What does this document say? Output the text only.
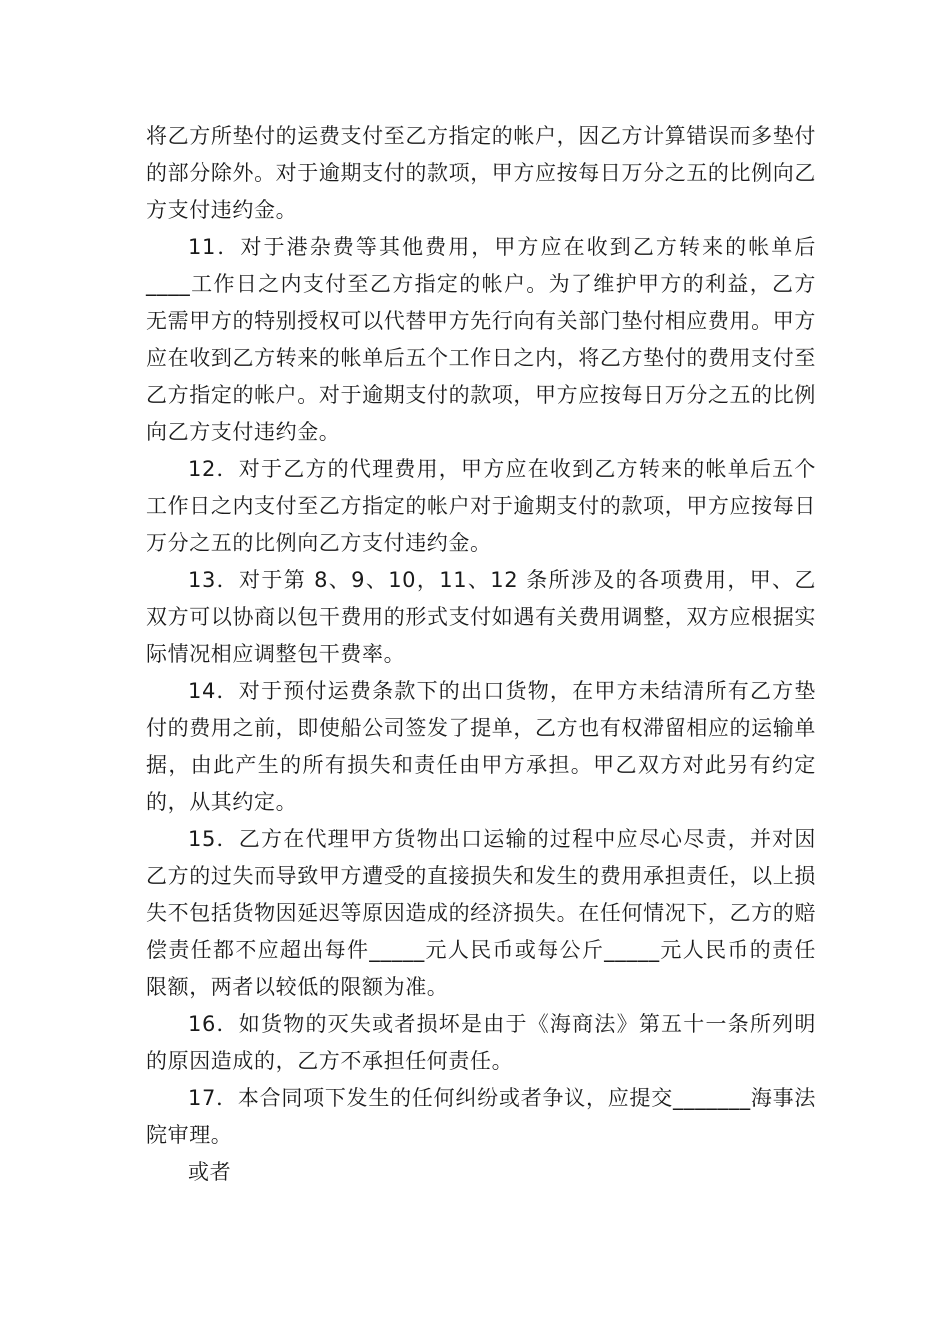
将乙方所垫付的运费支付至乙方指定的帐户，因乙方计算错误而多垫付的部分除外。对于逾期支付的款项，甲方应按每日万分之五的比例向乙方支付违约金。

11．对于港杂费等其他费用，甲方应在收到乙方转来的帐单后____工作日之内支付至乙方指定的帐户。为了维护甲方的利益，乙方无需甲方的特别授权可以代替甲方先行向有关部门垫付相应费用。甲方应在收到乙方转来的帐单后五个工作日之内，将乙方垫付的费用支付至乙方指定的帐户。对于逾期支付的款项，甲方应按每日万分之五的比例向乙方支付违约金。

12．对于乙方的代理费用，甲方应在收到乙方转来的帐单后五个工作日之内支付至乙方指定的帐户对于逾期支付的款项，甲方应按每日万分之五的比例向乙方支付违约金。

13．对于第 8、9、10，11、12 条所涉及的各项费用，甲、乙双方可以协商以包干费用的形式支付如遇有关费用调整，双方应根据实际情况相应调整包干费率。

14．对于预付运费条款下的出口货物，在甲方未结清所有乙方垫付的费用之前，即使船公司签发了提单，乙方也有权滞留相应的运输单据，由此产生的所有损失和责任由甲方承担。甲乙双方对此另有约定的，从其约定。

15．乙方在代理甲方货物出口运输的过程中应尽心尽责，并对因乙方的过失而导致甲方遭受的直接损失和发生的费用承担责任，以上损失不包括货物因延迟等原因造成的经济损失。在任何情况下，乙方的赔偿责任都不应超出每件_____元人民币或每公斤_____元人民币的责任限额，两者以较低的限额为准。

16．如货物的灭失或者损坏是由于《海商法》第五十一条所列明的原因造成的，乙方不承担任何责任。

17．本合同项下发生的任何纠纷或者争议，应提交_______海事法院审理。

或者
